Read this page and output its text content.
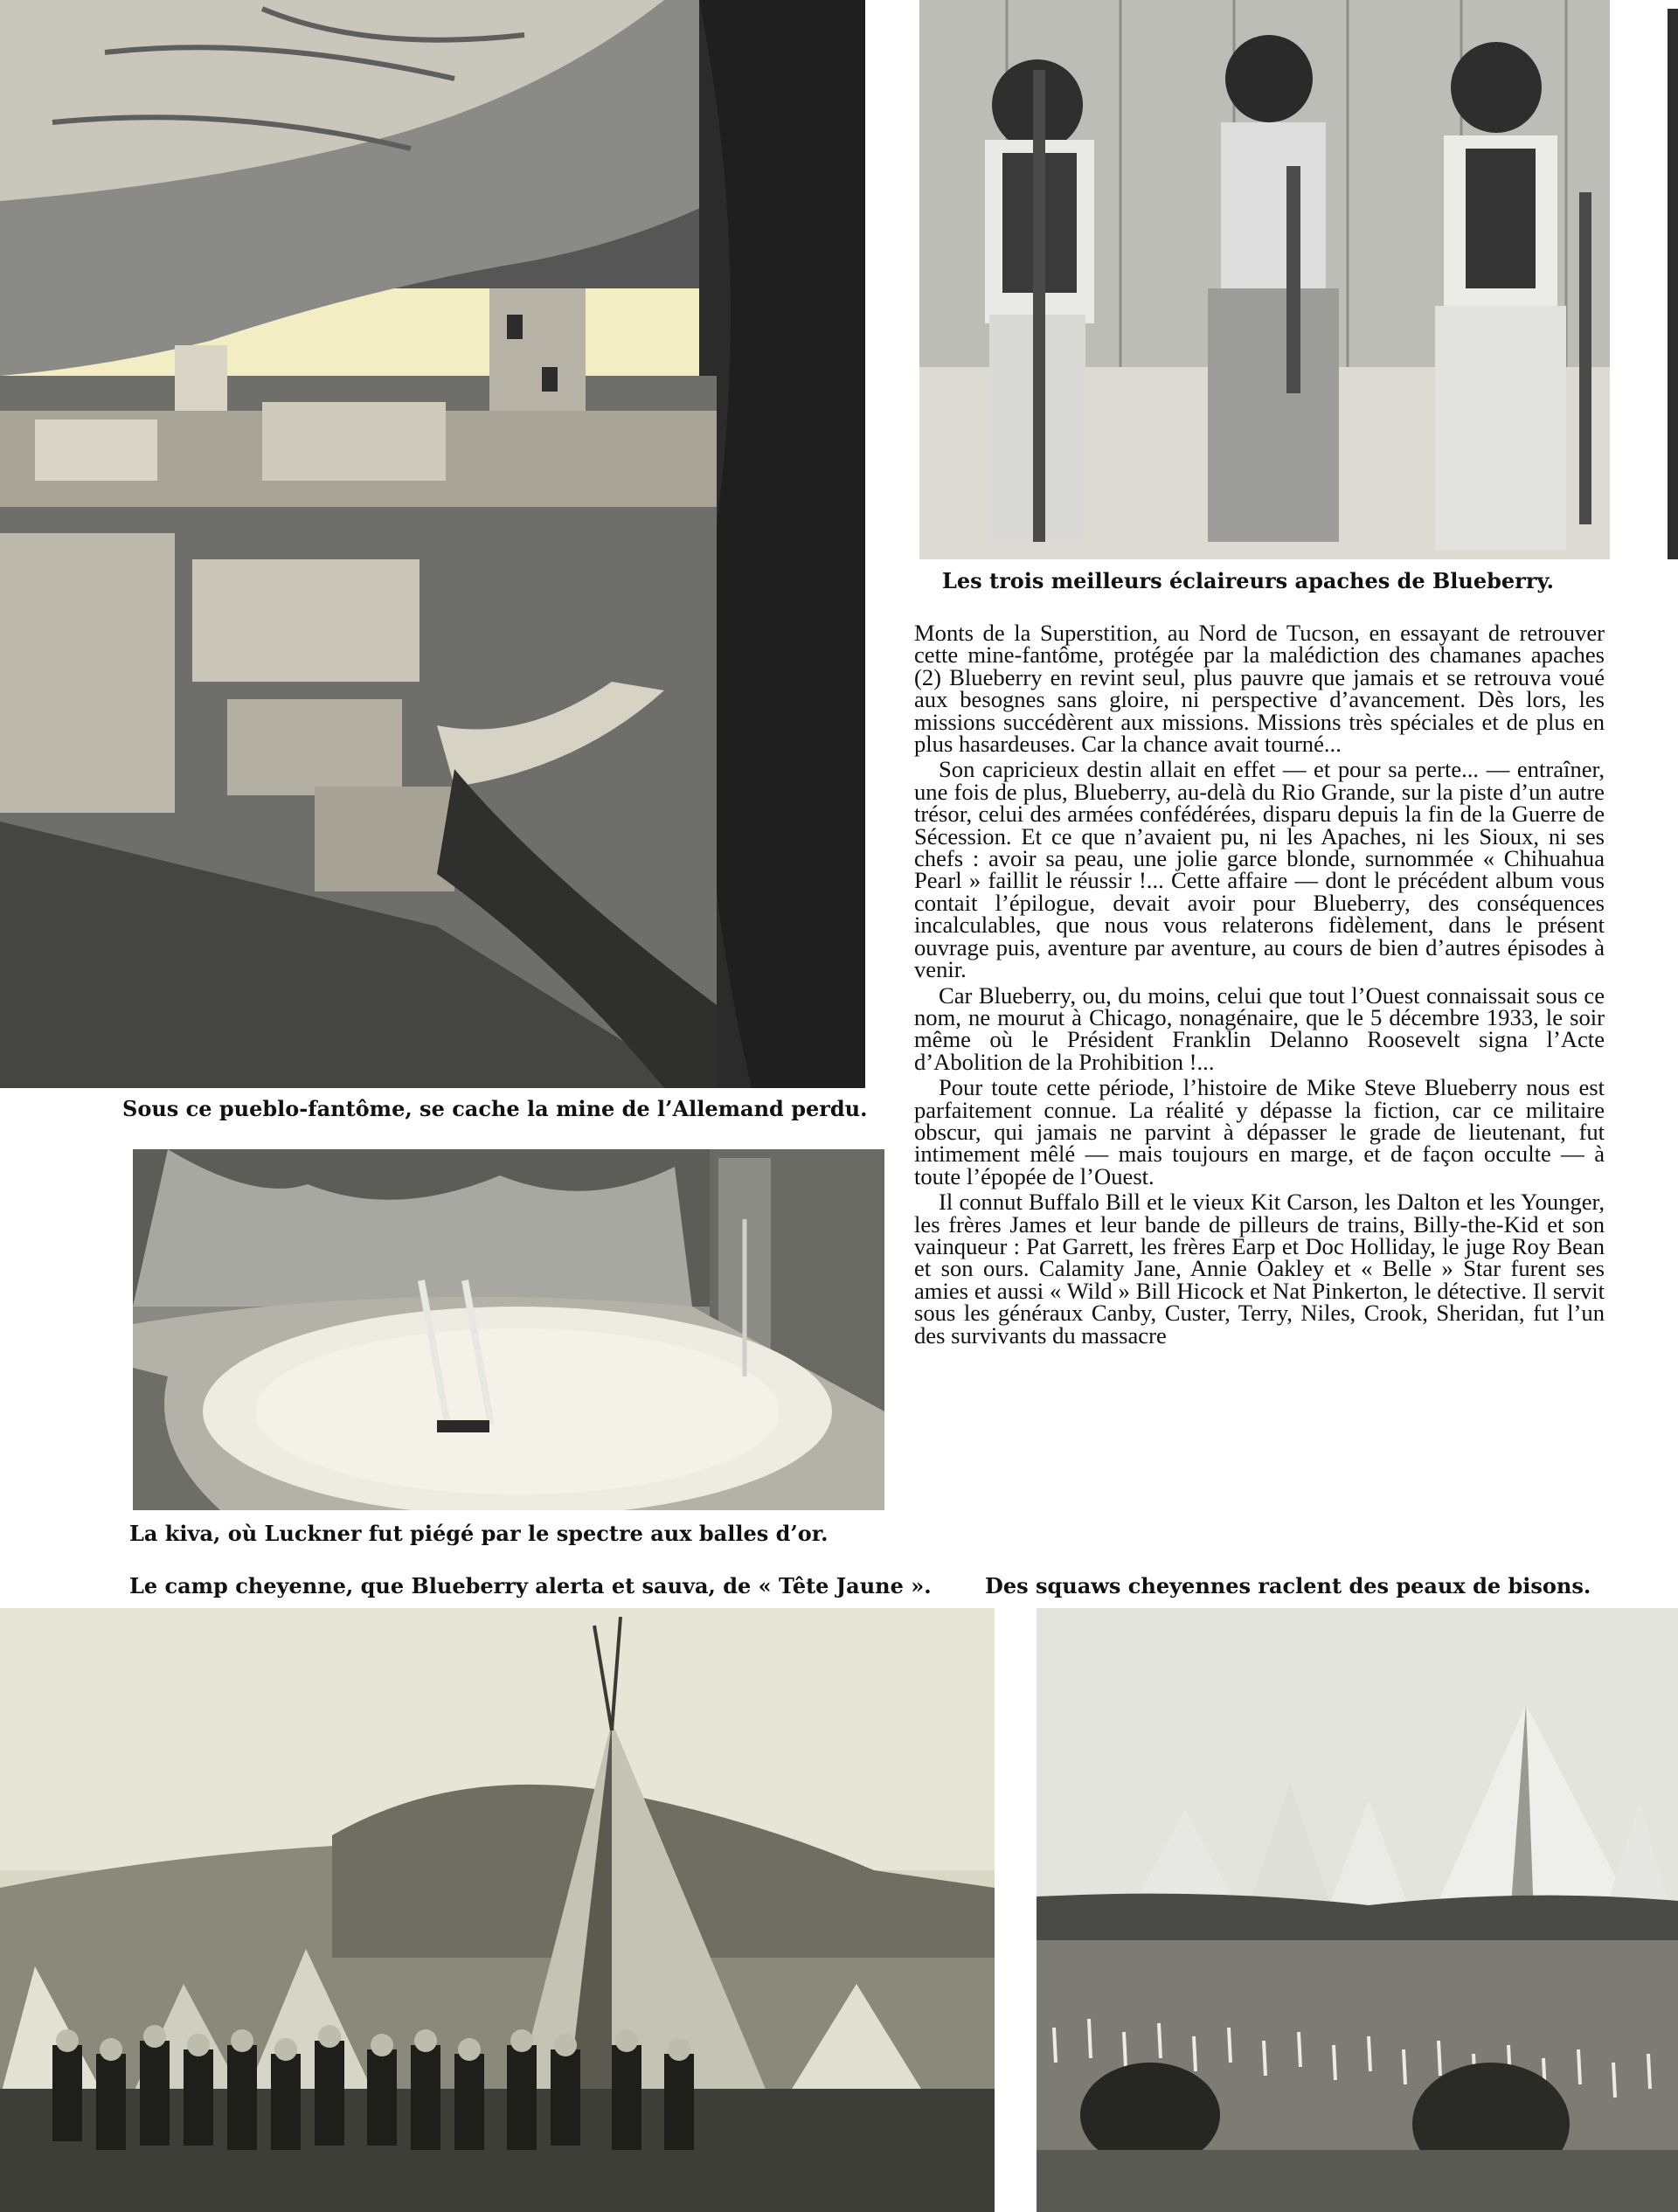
Sous ce pueblo-fantôme, se cache la mine de l’Allemand perdu.
Les trois meilleurs éclaireurs apaches de Blueberry.

Monts de la Superstition, au Nord de Tucson, en essayant de retrouver cette mine-fantôme, protégée par la malédiction des chamanes apaches (2) Blueberry en revint seul, plus pauvre que jamais et se retrouva voué aux besognes sans gloire, ni perspective d’avancement. Dès lors, les missions succédèrent aux missions. Missions très spéciales et de plus en plus hasardeuses. Car la chance avait tourné...

Son capricieux destin allait en effet — et pour sa perte... — entraîner, une fois de plus, Blueberry, au-delà du Rio Grande, sur la piste d’un autre trésor, celui des armées confédérées, disparu depuis la fin de la Guerre de Sécession. Et ce que n’avaient pu, ni les Apaches, ni les Sioux, ni ses chefs : avoir sa peau, une jolie garce blonde, surnommée « Chihuahua Pearl » faillit le réussir !... Cette affaire — dont le précédent album vous contait l’épilogue, devait avoir pour Blueberry, des conséquences incalculables, que nous vous relaterons fidèlement, dans le présent ouvrage puis, aventure par aventure, au cours de bien d’autres épisodes à venir.

Car Blueberry, ou, du moins, celui que tout l’Ouest connaissait sous ce nom, ne mourut à Chicago, nonagénaire, que le 5 décembre 1933, le soir même où le Président Franklin Delanno Roosevelt signa l’Acte d’Abolition de la Prohibition !...

Pour toute cette période, l’histoire de Mike Steve Blueberry nous est parfaitement connue. La réalité y dépasse la fiction, car ce militaire obscur, qui jamais ne parvint à dépasser le grade de lieutenant, fut intimement mêlé — mais toujours en marge, et de façon occulte — à toute l’épopée de l’Ouest.

Il connut Buffalo Bill et le vieux Kit Carson, les Dalton et les Younger, les frères James et leur bande de pilleurs de trains, Billy-the-Kid et son vainqueur : Pat Garrett, les frères Earp et Doc Holliday, le juge Roy Bean et son ours. Calamity Jane, Annie Oakley et « Belle » Star furent ses amies et aussi « Wild » Bill Hicock et Nat Pinkerton, le détective. Il servit sous les généraux Canby, Custer, Terry, Niles, Crook, Sheridan, fut l’un des survivants du massacre

La kiva, où Luckner fut piégé par le spectre aux balles d’or.
Le camp cheyenne, que Blueberry alerta et sauva, de « Tête Jaune ».	Des squaws cheyennes raclent des peaux de bisons.
